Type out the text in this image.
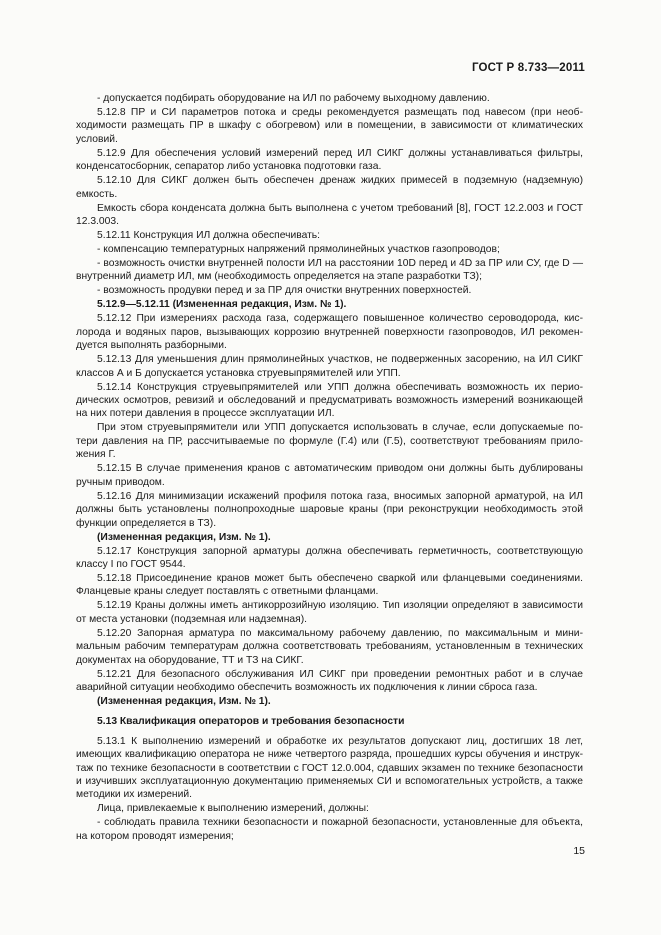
ГОСТ Р 8.733—2011

- допускается подбирать оборудование на ИЛ по рабочему выходному давлению.

5.12.8 ПР и СИ параметров потока и среды рекомендуется размещать под навесом (при необходимости размещать ПР в шкафу с обогревом) или в помещении, в зависимости от климатических условий.

5.12.9 Для обеспечения условий измерений перед ИЛ СИКГ должны устанавливаться фильтры, конденсатосборник, сепаратор либо установка подготовки газа.

5.12.10 Для СИКГ должен быть обеспечен дренаж жидких примесей в подземную (надземную) емкость.

Емкость сбора конденсата должна быть выполнена с учетом требований [8], ГОСТ 12.2.003 и ГОСТ 12.3.003.

5.12.11 Конструкция ИЛ должна обеспечивать:

- компенсацию температурных напряжений прямолинейных участков газопроводов;

- возможность очистки внутренней полости ИЛ на расстоянии 10D перед и 4D за ПР или СУ, где D — внутренний диаметр ИЛ, мм (необходимость определяется на этапе разработки ТЗ);

- возможность продувки перед и за ПР для очистки внутренних поверхностей.

5.12.9—5.12.11 (Измененная редакция, Изм. № 1).

5.12.12 При измерениях расхода газа, содержащего повышенное количество сероводорода, кислорода и водяных паров, вызывающих коррозию внутренней поверхности газопроводов, ИЛ рекомендуется выполнять разборными.

5.12.13 Для уменьшения длин прямолинейных участков, не подверженных засорению, на ИЛ СИКГ классов А и Б допускается установка струевыпрямителей или УПП.

5.12.14 Конструкция струевыпрямителей или УПП должна обеспечивать возможность их периодических осмотров, ревизий и обследований и предусматривать возможность измерений возникающей на них потери давления в процессе эксплуатации ИЛ.

При этом струевыпрямители или УПП допускается использовать в случае, если допускаемые потери давления на ПР, рассчитываемые по формуле (Г.4) или (Г.5), соответствуют требованиям приложения Г.

5.12.15 В случае применения кранов с автоматическим приводом они должны быть дублированы ручным приводом.

5.12.16 Для минимизации искажений профиля потока газа, вносимых запорной арматурой, на ИЛ должны быть установлены полнопроходные шаровые краны (при реконструкции необходимость этой функции определяется в ТЗ).

(Измененная редакция, Изм. № 1).

5.12.17 Конструкция запорной арматуры должна обеспечивать герметичность, соответствующую классу I по ГОСТ 9544.

5.12.18 Присоединение кранов может быть обеспечено сваркой или фланцевыми соединениями. Фланцевые краны следует поставлять с ответными фланцами.

5.12.19 Краны должны иметь антикоррозийную изоляцию. Тип изоляции определяют в зависимости от места установки (подземная или надземная).

5.12.20 Запорная арматура по максимальному рабочему давлению, по максимальным и минимальным рабочим температурам должна соответствовать требованиям, установленным в технических документах на оборудование, ТТ и ТЗ на СИКГ.

5.12.21 Для безопасного обслуживания ИЛ СИКГ при проведении ремонтных работ и в случае аварийной ситуации необходимо обеспечить возможность их подключения к линии сброса газа.

(Измененная редакция, Изм. № 1).

5.13 Квалификация операторов и требования безопасности

5.13.1 К выполнению измерений и обработке их результатов допускают лиц, достигших 18 лет, имеющих квалификацию оператора не ниже четвертого разряда, прошедших курсы обучения и инструктаж по технике безопасности в соответствии с ГОСТ 12.0.004, сдавших экзамен по технике безопасности и изучивших эксплуатационную документацию применяемых СИ и вспомогательных устройств, а также методики их измерений.

Лица, привлекаемые к выполнению измерений, должны:

- соблюдать правила техники безопасности и пожарной безопасности, установленные для объекта, на котором проводят измерения;

15
